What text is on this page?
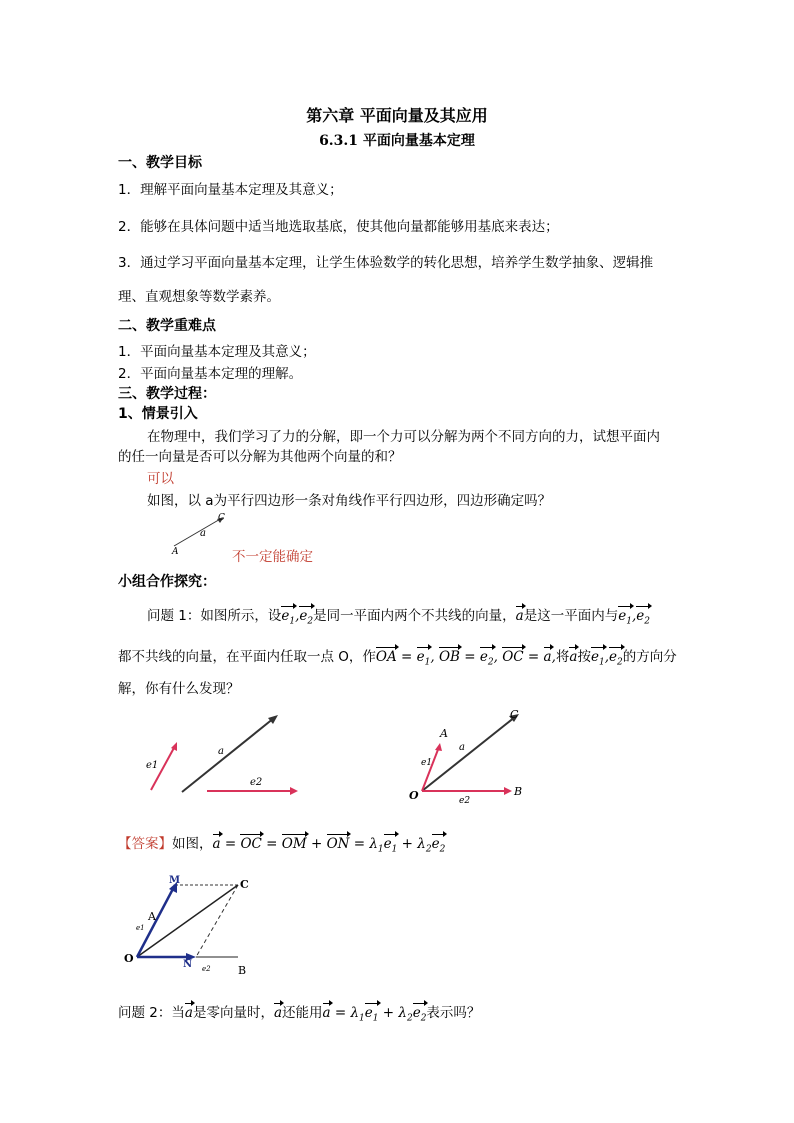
第六章 平面向量及其应用
6.3.1 平面向量基本定理
一、教学目标
1．理解平面向量基本定理及其意义；
2．能够在具体问题中适当地选取基底，使其他向量都能够用基底来表达；
3．通过学习平面向量基本定理，让学生体验数学的转化思想，培养学生数学抽象、逻辑推
理、直观想象等数学素养。
二、教学重难点
1．平面向量基本定理及其意义；
2．平面向量基本定理的理解。
三、教学过程：
1、情景引入
在物理中，我们学习了力的分解，即一个力可以分解为两个不同方向的力，试想平面内
的任一向量是否可以分解为其他两个向量的和？
可以
如图，以 a为平行四边形一条对角线作平行四边形，四边形确定吗？
a
A
C
不一定能确定
小组合作探究：
问题 1：如图所示，设$e_1,e_2$是同一平面内两个不共线的向量，a是这一平面内与$e_1,e_2$
都不共线的向量，在平面内任取一点 O，作OA = $e_1$, OB = $e_2$, OC = a,将a按$e_1,e_2$的方向分
解，你有什么发现？
e1
a
e2
A
C
B
O
e1
a
e2
【答案】如图，a = OC = OM + ON = $\lambda_1e_1 + \lambda_2e_2$
M	C
A
O	N	B
e1
e2
问题 2：当a是零向量时，a还能用$a = \lambda_1e_1 + \lambda_2e_2$表示吗？
